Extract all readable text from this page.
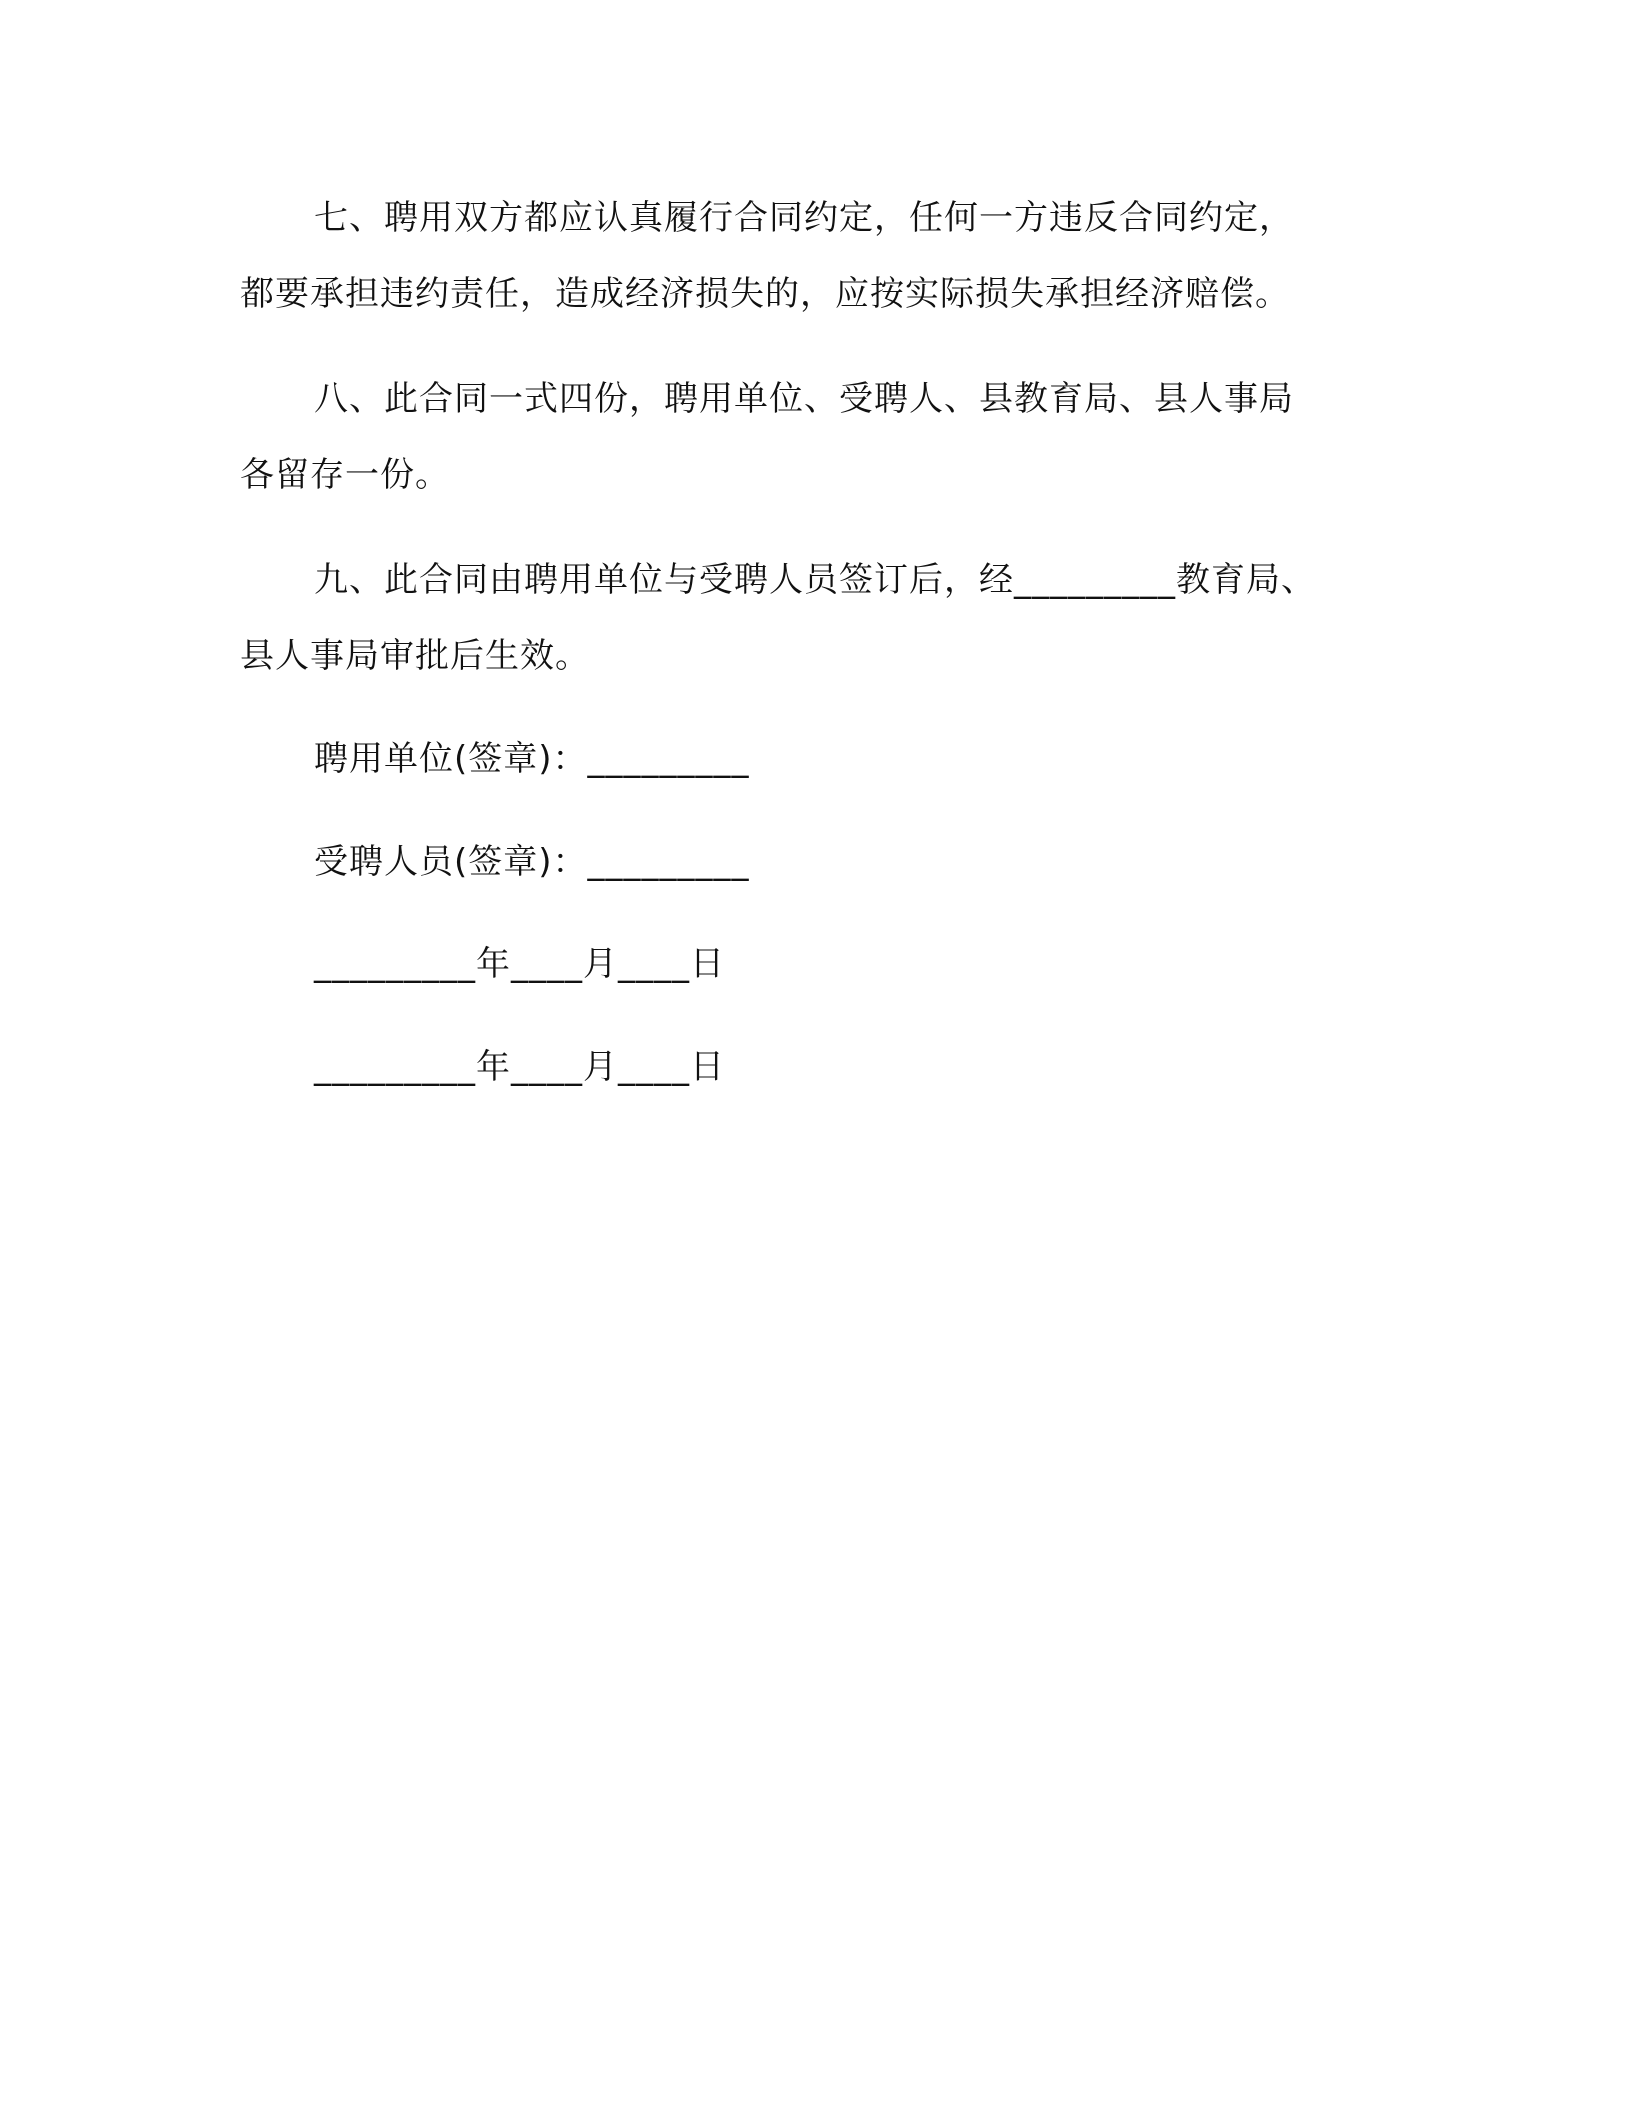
七、聘用双方都应认真履行合同约定，任何一方违反合同约定，
都要承担违约责任，造成经济损失的，应按实际损失承担经济赔偿。
八、此合同一式四份，聘用单位、受聘人、县教育局、县人事局
各留存一份。
九、此合同由聘用单位与受聘人员签订后，经_________教育局、
县人事局审批后生效。
聘用单位(签章)：_________
受聘人员(签章)：_________
_________年____月____日
_________年____月____日
